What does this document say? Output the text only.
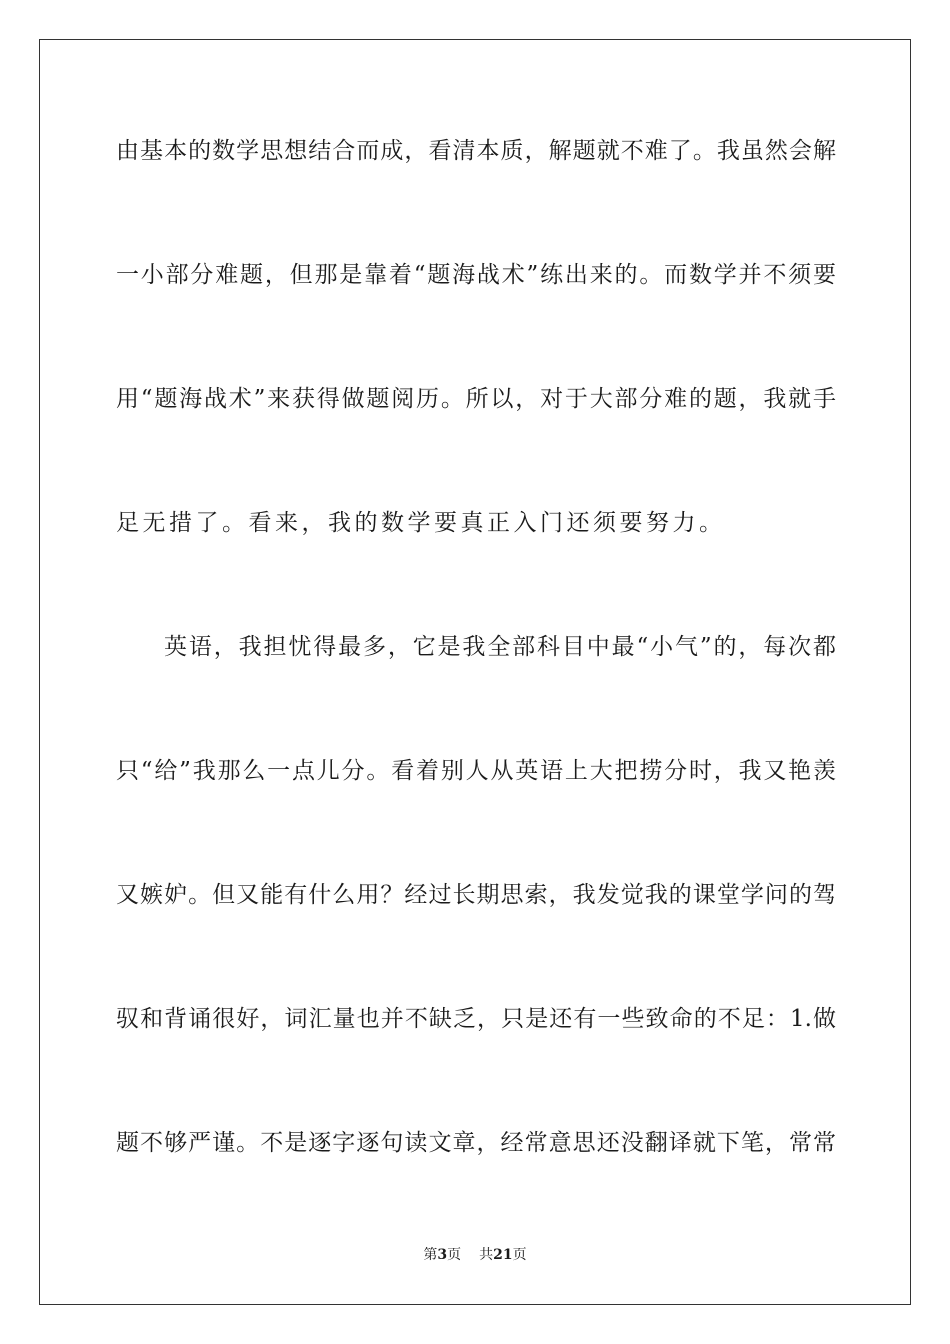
由基本的数学思想结合而成，看清本质，解题就不难了。我虽然会解
一小部分难题，但那是靠着“题海战术”练出来的。而数学并不须要
用“题海战术”来获得做题阅历。所以，对于大部分难的题，我就手
足无措了。看来，我的数学要真正入门还须要努力。
英语，我担忧得最多，它是我全部科目中最“小气”的，每次都
只“给”我那么一点儿分。看着别人从英语上大把捞分时，我又艳羡
又嫉妒。但又能有什么用？经过长期思索，我发觉我的课堂学问的驾
驭和背诵很好，词汇量也并不缺乏，只是还有一些致命的不足：1.做
题不够严谨。不是逐字逐句读文章，经常意思还没翻译就下笔，常常
第3页 共21页
